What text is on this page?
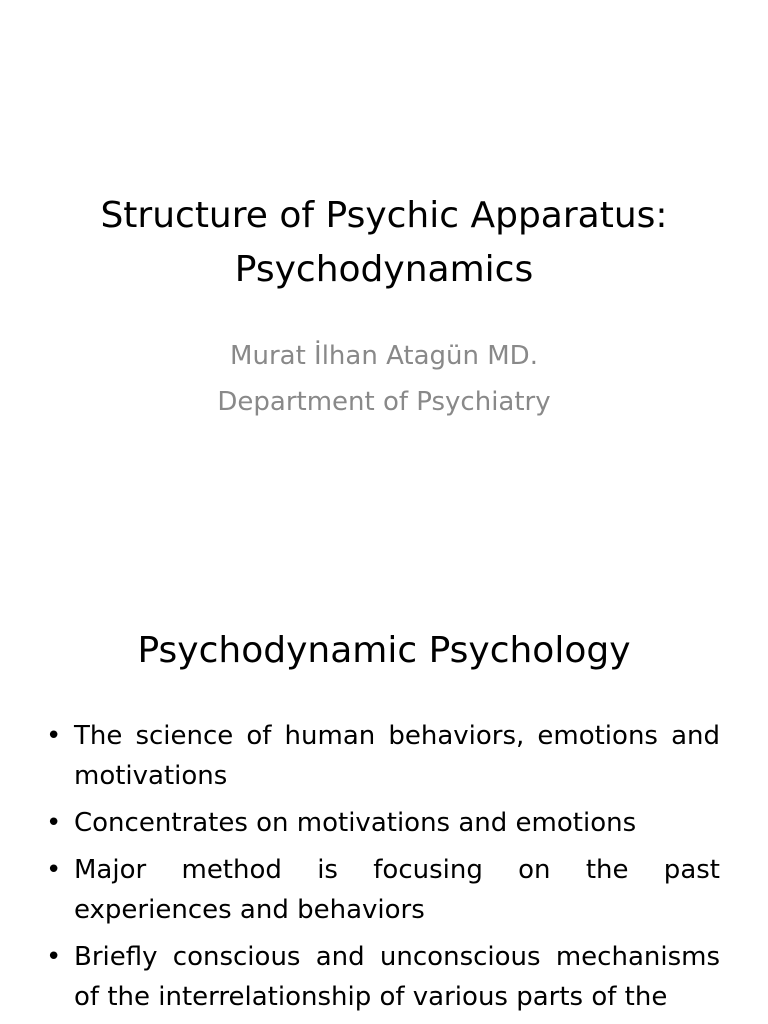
Structure of Psychic Apparatus:
Psychodynamics
Murat İlhan Atagün MD.
Department of Psychiatry
Psychodynamic Psychology
• The science of human behaviors, emotions and motivations
• Concentrates on motivations and emotions
• Major method is focusing on the past experiences and behaviors
• Briefly conscious and unconscious mechanisms of the interrelationship of various parts of the
